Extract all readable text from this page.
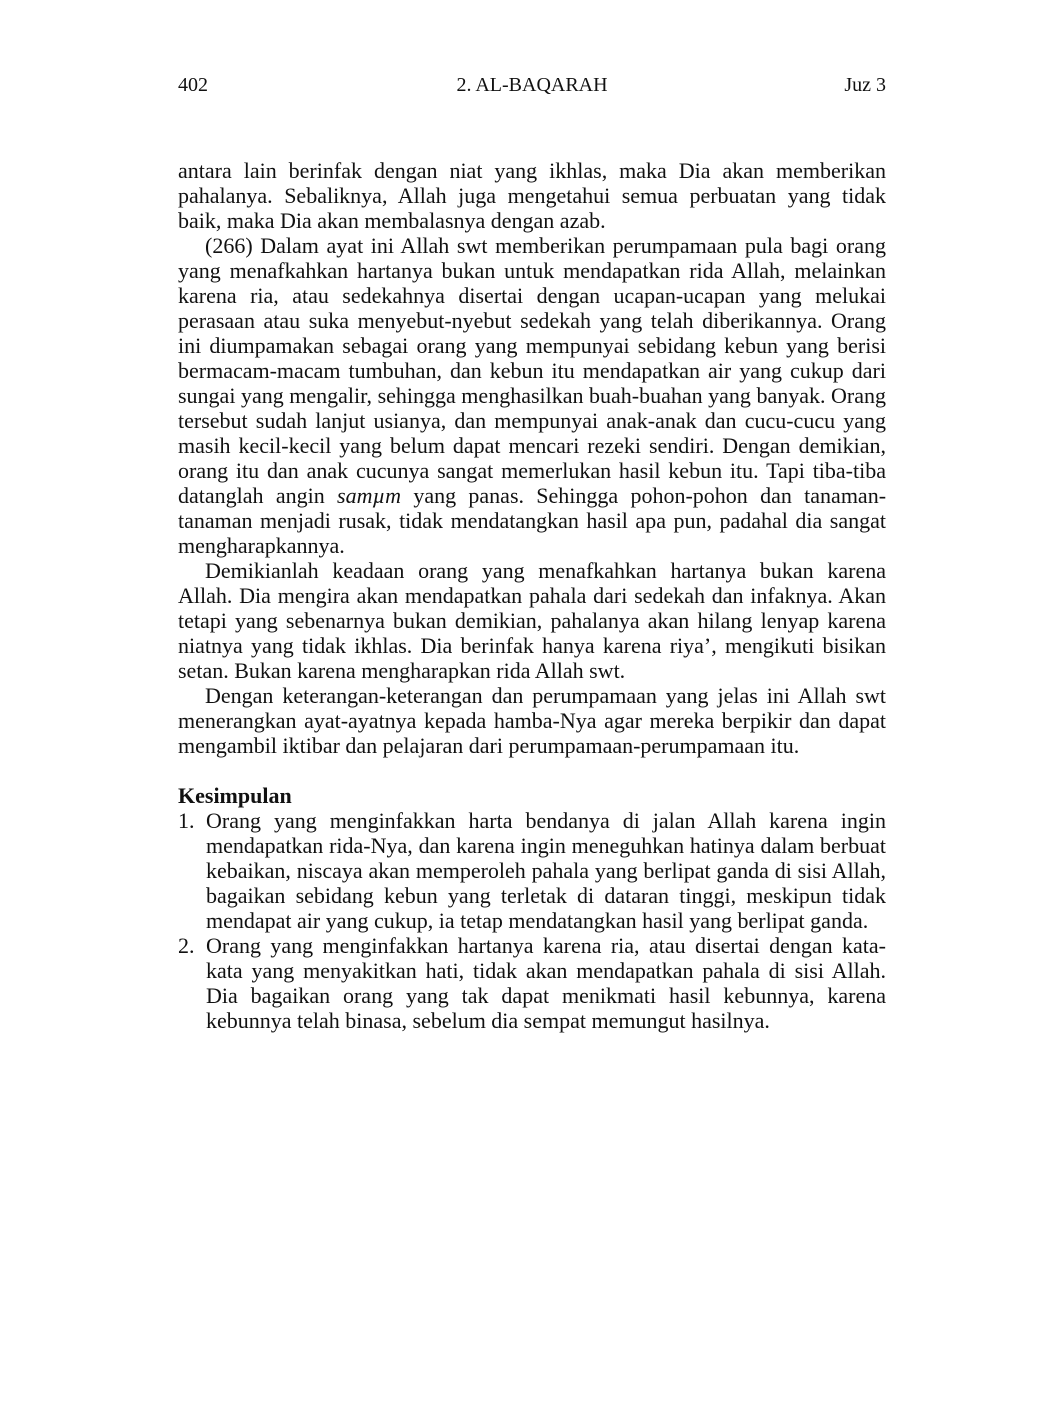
402	2. AL-BAQARAH	Juz 3

antara lain berinfak dengan niat yang ikhlas, maka Dia akan memberikan pahalanya. Sebaliknya, Allah juga mengetahui semua perbuatan yang tidak baik, maka Dia akan membalasnya dengan azab.

(266) Dalam ayat ini Allah swt memberikan perumpamaan pula bagi orang yang menafkahkan hartanya bukan untuk mendapatkan rida Allah, melainkan karena ria, atau sedekahnya disertai dengan ucapan-ucapan yang melukai perasaan atau suka menyebut-nyebut sedekah yang telah diberikannya. Orang ini diumpamakan sebagai orang yang mempunyai sebidang kebun yang berisi bermacam-macam tumbuhan, dan kebun itu mendapatkan air yang cukup dari sungai yang mengalir, sehingga menghasilkan buah-buahan yang banyak. Orang tersebut sudah lanjut usianya, dan mempunyai anak-anak dan cucu-cucu yang masih kecil-kecil yang belum dapat mencari rezeki sendiri. Dengan demikian, orang itu dan anak cucunya sangat memerlukan hasil kebun itu. Tapi tiba-tiba datanglah angin samµm yang panas. Sehingga pohon-pohon dan tanaman-tanaman menjadi rusak, tidak mendatangkan hasil apa pun, padahal dia sangat mengharapkannya.

Demikianlah keadaan orang yang menafkahkan hartanya bukan karena Allah. Dia mengira akan mendapatkan pahala dari sedekah dan infaknya. Akan tetapi yang sebenarnya bukan demikian, pahalanya akan hilang lenyap karena niatnya yang tidak ikhlas. Dia berinfak hanya karena riya’, mengikuti bisikan setan. Bukan karena mengharapkan rida Allah swt.

Dengan keterangan-keterangan dan perumpamaan yang jelas ini Allah swt menerangkan ayat-ayatnya kepada hamba-Nya agar mereka berpikir dan dapat mengambil iktibar dan pelajaran dari perumpamaan-perumpamaan itu.

Kesimpulan
1. Orang yang menginfakkan harta bendanya di jalan Allah karena ingin mendapatkan rida-Nya, dan karena ingin meneguhkan hatinya dalam berbuat kebaikan, niscaya akan memperoleh pahala yang berlipat ganda di sisi Allah, bagaikan sebidang kebun yang terletak di dataran tinggi, meskipun tidak mendapat air yang cukup, ia tetap mendatangkan hasil yang berlipat ganda.
2. Orang yang menginfakkan hartanya karena ria, atau disertai dengan kata-kata yang menyakitkan hati, tidak akan mendapatkan pahala di sisi Allah. Dia bagaikan orang yang tak dapat menikmati hasil kebunnya, karena kebunnya telah binasa, sebelum dia sempat memungut hasilnya.
